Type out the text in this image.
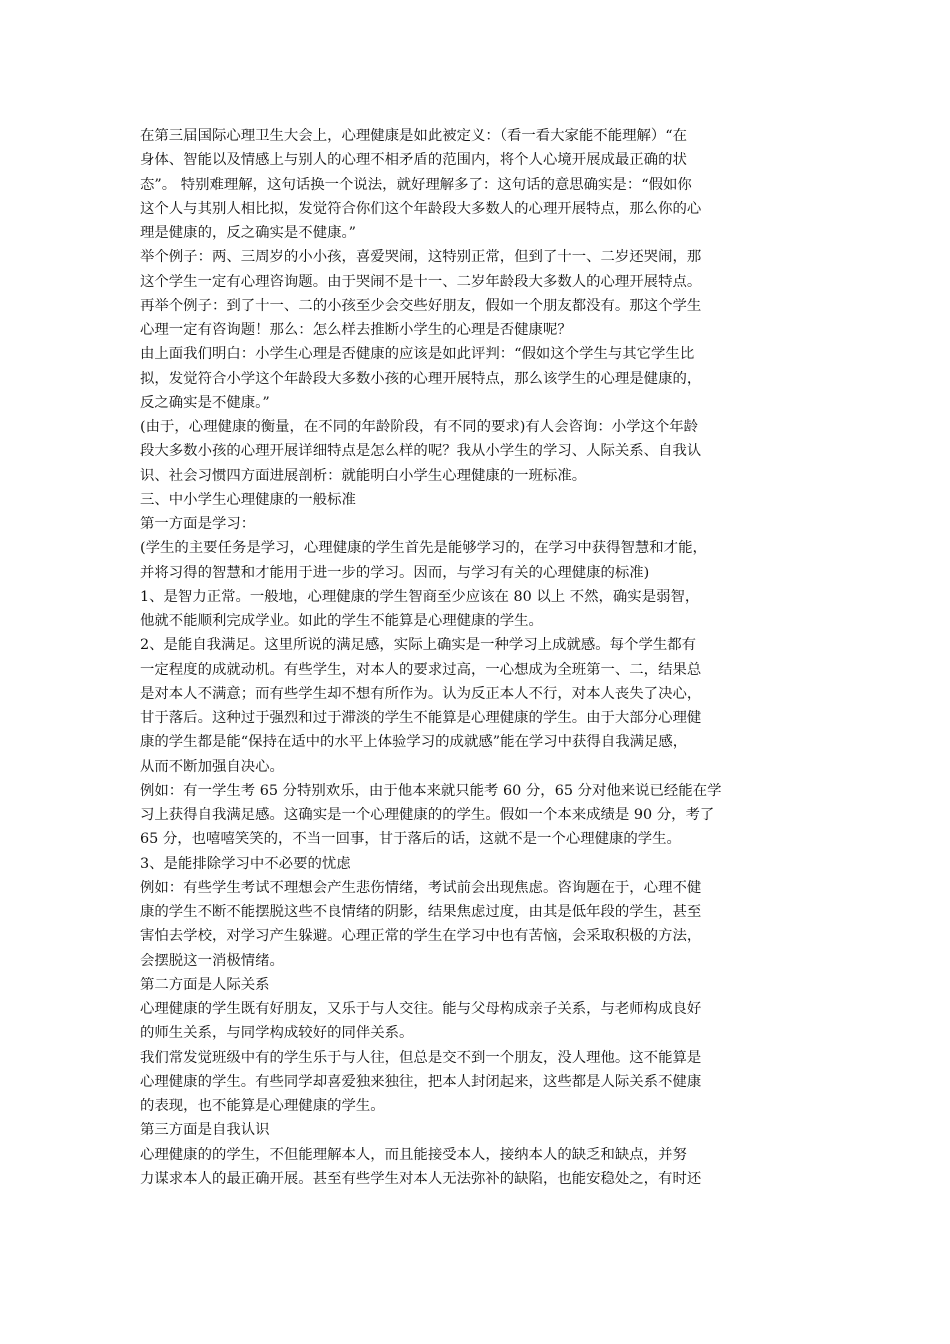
在第三届国际心理卫生大会上，心理健康是如此被定义：（看一看大家能不能理解）“在
身体、智能以及情感上与别人的心理不相矛盾的范围内，将个人心境开展成最正确的状
态”。 特别难理解，这句话换一个说法，就好理解多了：这句话的意思确实是：“假如你
这个人与其别人相比拟，发觉符合你们这个年龄段大多数人的心理开展特点，那么你的心
理是健康的，反之确实是不健康。”
举个例子：两、三周岁的小小孩，喜爱哭闹，这特别正常，但到了十一、二岁还哭闹，那
这个学生一定有心理咨询题。由于哭闹不是十一、二岁年龄段大多数人的心理开展特点。
再举个例子：到了十一、二的小孩至少会交些好朋友，假如一个朋友都没有。那这个学生
心理一定有咨询题！那么：怎么样去推断小学生的心理是否健康呢？
由上面我们明白：小学生心理是否健康的应该是如此评判：“假如这个学生与其它学生比
拟，发觉符合小学这个年龄段大多数小孩的心理开展特点，那么该学生的心理是健康的，
反之确实是不健康。”
(由于，心理健康的衡量，在不同的年龄阶段，有不同的要求)有人会咨询：小学这个年龄
段大多数小孩的心理开展详细特点是怎么样的呢？我从小学生的学习、人际关系、自我认
识、社会习惯四方面进展剖析：就能明白小学生心理健康的一班标准。
三、中小学生心理健康的一般标准
第一方面是学习：
(学生的主要任务是学习，心理健康的学生首先是能够学习的，在学习中获得智慧和才能，
并将习得的智慧和才能用于进一步的学习。因而，与学习有关的心理健康的标准)
1、是智力正常。一般地，心理健康的学生智商至少应该在 80 以上 不然，确实是弱智，
他就不能顺利完成学业。如此的学生不能算是心理健康的学生。
2、是能自我满足。这里所说的满足感，实际上确实是一种学习上成就感。每个学生都有
一定程度的成就动机。有些学生，对本人的要求过高，一心想成为全班第一、二，结果总
是对本人不满意；而有些学生却不想有所作为。认为反正本人不行，对本人丧失了决心，
甘于落后。这种过于强烈和过于滞淡的学生不能算是心理健康的学生。由于大部分心理健
康的学生都是能“保持在适中的水平上体验学习的成就感”能在学习中获得自我满足感，
从而不断加强自决心。
例如：有一学生考 65 分特别欢乐，由于他本来就只能考 60 分，65 分对他来说已经能在学
习上获得自我满足感。这确实是一个心理健康的的学生。假如一个本来成绩是 90 分，考了
65 分，也嘻嘻笑笑的，不当一回事，甘于落后的话，这就不是一个心理健康的学生。
3、是能排除学习中不必要的忧虑
例如：有些学生考试不理想会产生悲伤情绪，考试前会出现焦虑。咨询题在于，心理不健
康的学生不断不能摆脱这些不良情绪的阴影，结果焦虑过度，由其是低年段的学生，甚至
害怕去学校，对学习产生躲避。心理正常的学生在学习中也有苦恼，会采取积极的方法，
会摆脱这一消极情绪。
第二方面是人际关系
心理健康的学生既有好朋友，又乐于与人交往。能与父母构成亲子关系，与老师构成良好
的师生关系，与同学构成较好的同伴关系。
我们常发觉班级中有的学生乐于与人往，但总是交不到一个朋友，没人理他。这不能算是
心理健康的学生。有些同学却喜爱独来独往，把本人封闭起来，这些都是人际关系不健康
的表现，也不能算是心理健康的学生。
第三方面是自我认识
心理健康的的学生，不但能理解本人，而且能接受本人，接纳本人的缺乏和缺点，并努
力谋求本人的最正确开展。甚至有些学生对本人无法弥补的缺陷，也能安稳处之，有时还
